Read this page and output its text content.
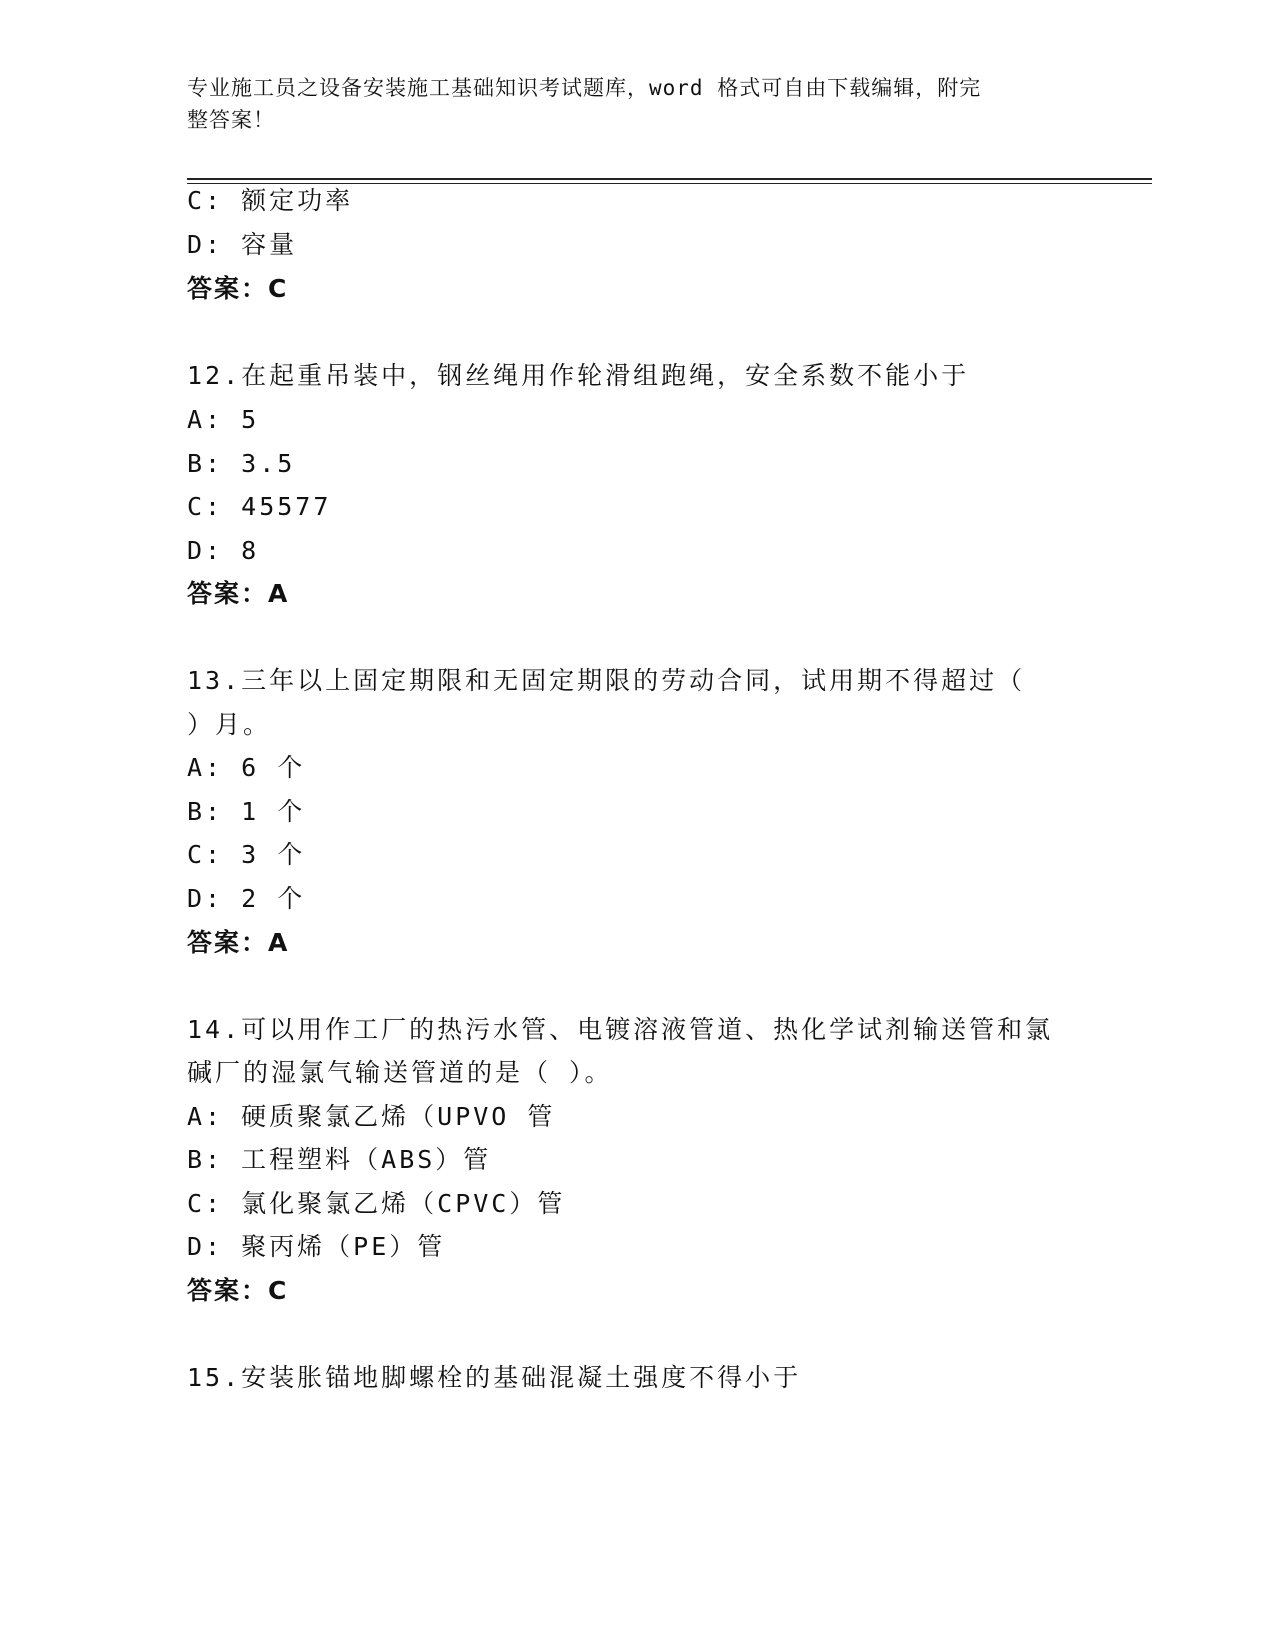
专业施工员之设备安装施工基础知识考试题库，word 格式可自由下载编辑，附完
整答案！
C: 额定功率
D: 容量
答案：C
12.在起重吊装中，钢丝绳用作轮滑组跑绳，安全系数不能小于
A: 5
B: 3.5
C: 45577
D: 8
答案：A
13.三年以上固定期限和无固定期限的劳动合同，试用期不得超过（
）月。
A: 6 个
B: 1 个
C: 3 个
D: 2 个
答案：A
14.可以用作工厂的热污水管、电镀溶液管道、热化学试剂输送管和氯
碱厂的湿氯气输送管道的是（ ）。
A: 硬质聚氯乙烯（UPVO 管
B: 工程塑料（ABS）管
C: 氯化聚氯乙烯（CPVC）管
D: 聚丙烯（PE）管
答案：C
15.安装胀锚地脚螺栓的基础混凝土强度不得小于
